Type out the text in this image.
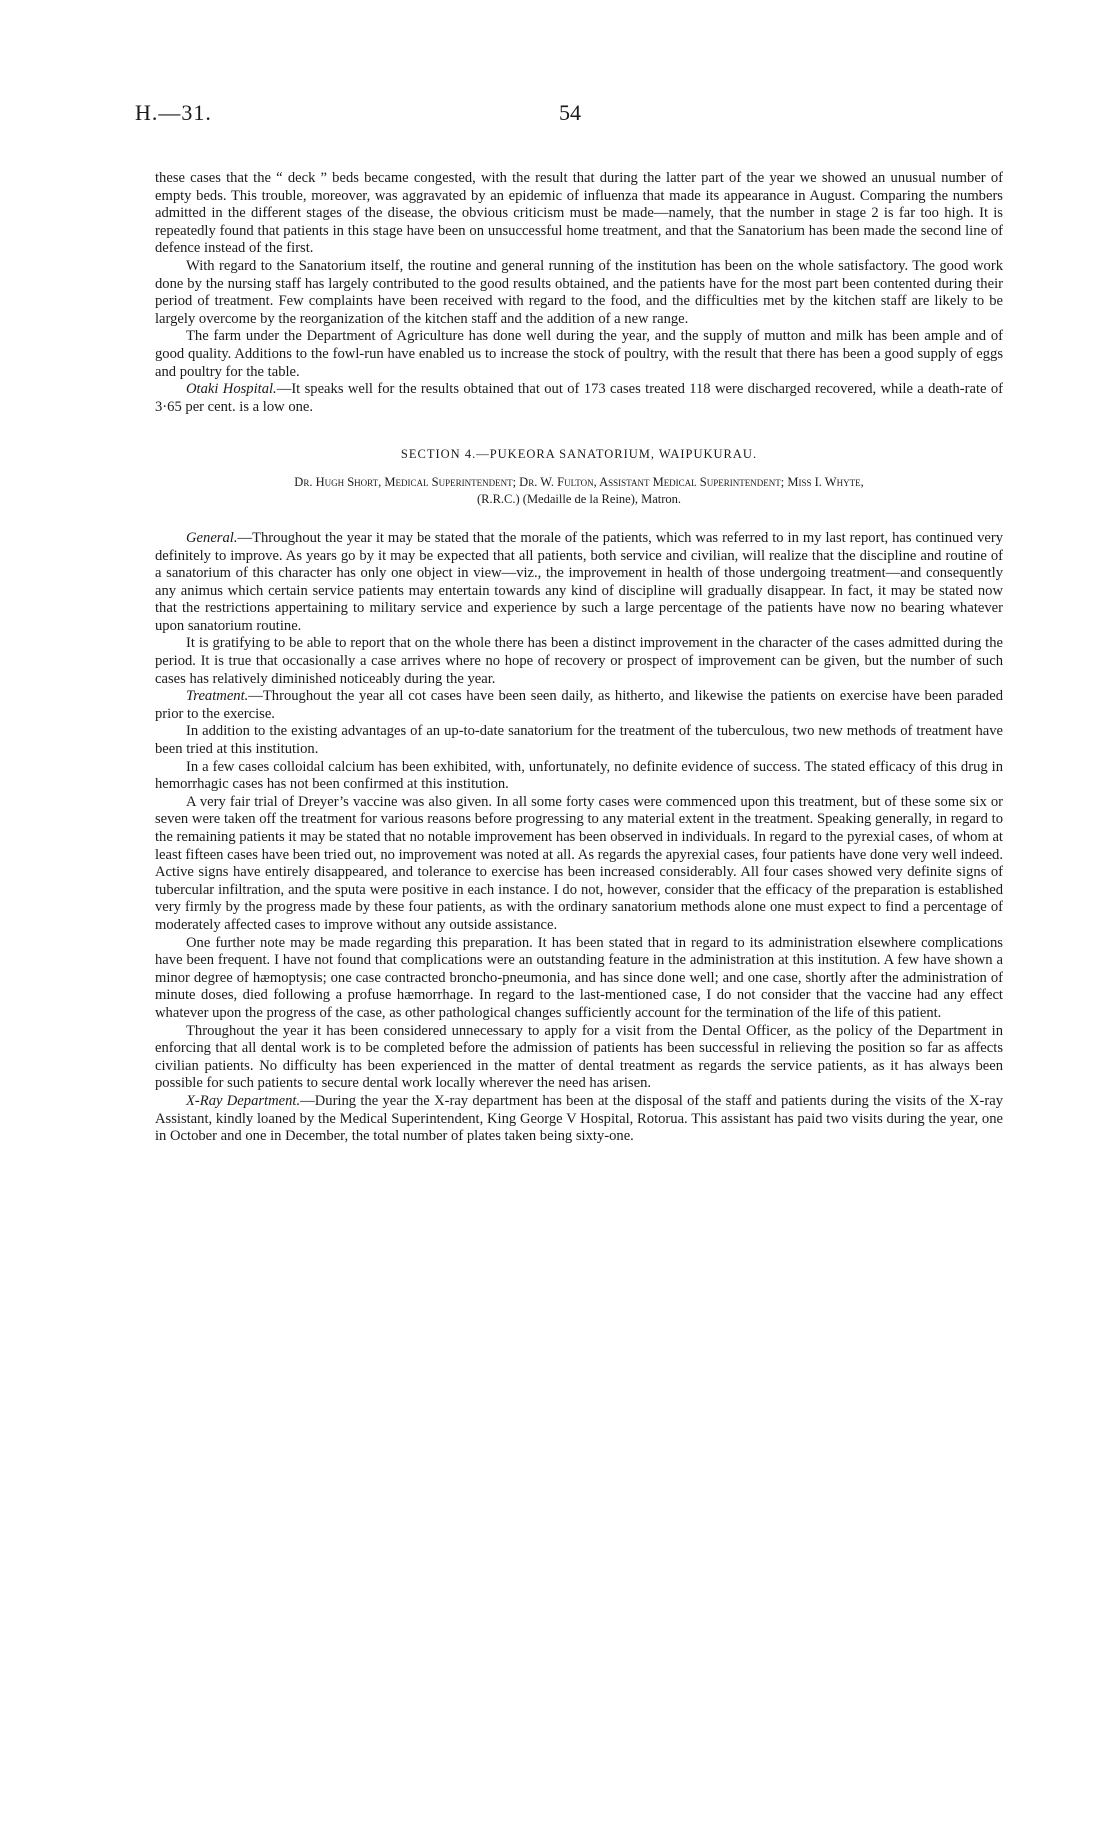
H.—31.	54

these cases that the “ deck ” beds became congested, with the result that during the latter part of the year we showed an unusual number of empty beds. This trouble, moreover, was aggravated by an epidemic of influenza that made its appearance in August. Comparing the numbers admitted in the different stages of the disease, the obvious criticism must be made—namely, that the number in stage 2 is far too high. It is repeatedly found that patients in this stage have been on unsuccessful home treatment, and that the Sanatorium has been made the second line of defence instead of the first.

With regard to the Sanatorium itself, the routine and general running of the institution has been on the whole satisfactory. The good work done by the nursing staff has largely contributed to the good results obtained, and the patients have for the most part been contented during their period of treatment. Few complaints have been received with regard to the food, and the difficulties met by the kitchen staff are likely to be largely overcome by the reorganization of the kitchen staff and the addition of a new range.

The farm under the Department of Agriculture has done well during the year, and the supply of mutton and milk has been ample and of good quality. Additions to the fowl-run have enabled us to increase the stock of poultry, with the result that there has been a good supply of eggs and poultry for the table.

Otaki Hospital.—It speaks well for the results obtained that out of 173 cases treated 118 were discharged recovered, while a death-rate of 3·65 per cent. is a low one.

SECTION 4.—PUKEORA SANATORIUM, WAIPUKURAU.
Dr. Hugh Short, Medical Superintendent; Dr. W. Fulton, Assistant Medical Superintendent; Miss I. Whyte,
(R.R.C.) (Medaille de la Reine), Matron.

General.—Throughout the year it may be stated that the morale of the patients, which was referred to in my last report, has continued very definitely to improve. As years go by it may be expected that all patients, both service and civilian, will realize that the discipline and routine of a sanatorium of this character has only one object in view—viz., the improvement in health of those undergoing treatment—and consequently any animus which certain service patients may entertain towards any kind of discipline will gradually disappear. In fact, it may be stated now that the restrictions appertaining to military service and experience by such a large percentage of the patients have now no bearing whatever upon sanatorium routine.

It is gratifying to be able to report that on the whole there has been a distinct improvement in the character of the cases admitted during the period. It is true that occasionally a case arrives where no hope of recovery or prospect of improvement can be given, but the number of such cases has relatively diminished noticeably during the year.

Treatment.—Throughout the year all cot cases have been seen daily, as hitherto, and likewise the patients on exercise have been paraded prior to the exercise.

In addition to the existing advantages of an up-to-date sanatorium for the treatment of the tuberculous, two new methods of treatment have been tried at this institution.

In a few cases colloidal calcium has been exhibited, with, unfortunately, no definite evidence of success. The stated efficacy of this drug in hemorrhagic cases has not been confirmed at this institution.

A very fair trial of Dreyer’s vaccine was also given. In all some forty cases were commenced upon this treatment, but of these some six or seven were taken off the treatment for various reasons before progressing to any material extent in the treatment. Speaking generally, in regard to the remaining patients it may be stated that no notable improvement has been observed in individuals. In regard to the pyrexial cases, of whom at least fifteen cases have been tried out, no improvement was noted at all. As regards the apyrexial cases, four patients have done very well indeed. Active signs have entirely disappeared, and tolerance to exercise has been increased considerably. All four cases showed very definite signs of tubercular infiltration, and the sputa were positive in each instance. I do not, however, consider that the efficacy of the preparation is established very firmly by the progress made by these four patients, as with the ordinary sanatorium methods alone one must expect to find a percentage of moderately affected cases to improve without any outside assistance.

One further note may be made regarding this preparation. It has been stated that in regard to its administration elsewhere complications have been frequent. I have not found that complications were an outstanding feature in the administration at this institution. A few have shown a minor degree of hæmoptysis; one case contracted broncho-pneumonia, and has since done well; and one case, shortly after the administration of minute doses, died following a profuse hæmorrhage. In regard to the last-mentioned case, I do not consider that the vaccine had any effect whatever upon the progress of the case, as other pathological changes sufficiently account for the termination of the life of this patient.

Throughout the year it has been considered unnecessary to apply for a visit from the Dental Officer, as the policy of the Department in enforcing that all dental work is to be completed before the admission of patients has been successful in relieving the position so far as affects civilian patients. No difficulty has been experienced in the matter of dental treatment as regards the service patients, as it has always been possible for such patients to secure dental work locally wherever the need has arisen.

X-Ray Department.—During the year the X-ray department has been at the disposal of the staff and patients during the visits of the X-ray Assistant, kindly loaned by the Medical Superintendent, King George V Hospital, Rotorua. This assistant has paid two visits during the year, one in October and one in December, the total number of plates taken being sixty-one.
